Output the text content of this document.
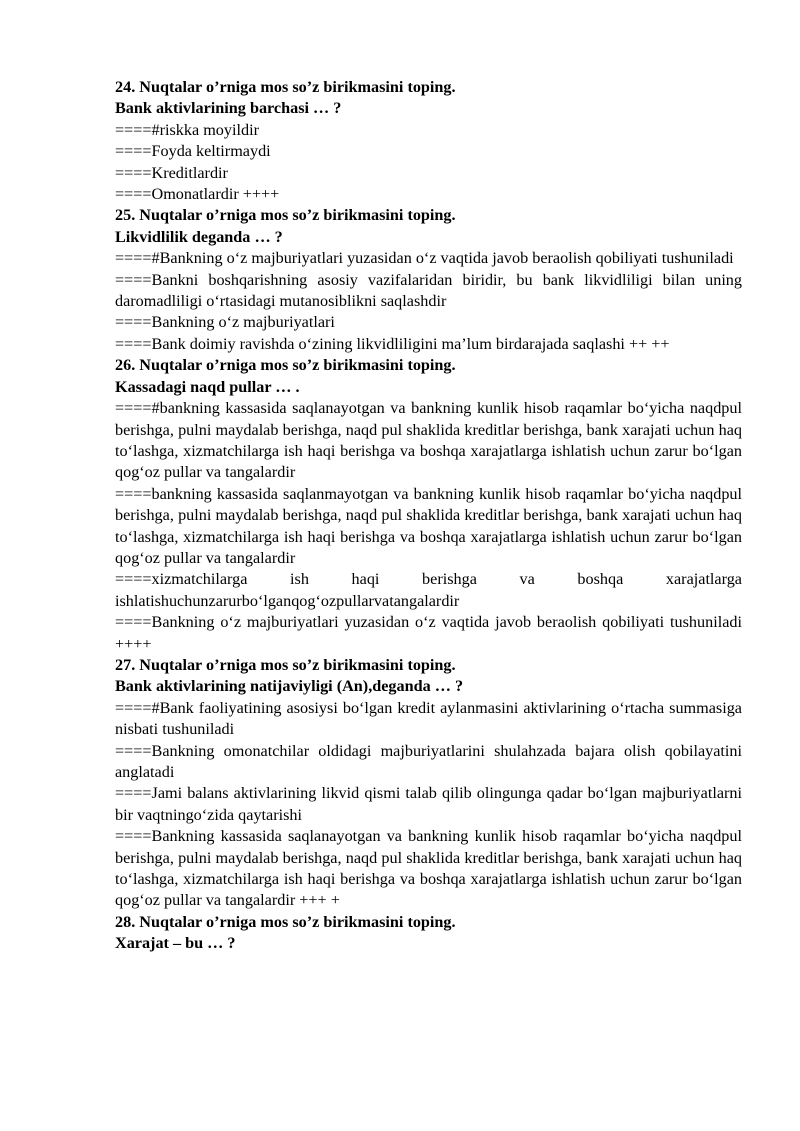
24. Nuqtalar o’rniga mos so’z birikmasini toping.

Bank aktivlarining barchasi … ?

====#riskka moyildir

====Foyda keltirmaydi

====Kreditlardir

====Omonatlardir ++++

25. Nuqtalar o’rniga mos so’z birikmasini toping.

Likvidlilik deganda … ?

====#Bankning o‘z majburiyatlari yuzasidan o‘z vaqtida javob beraolish qobiliyati tushuniladi

====Bankni boshqarishning asosiy vazifalaridan biridir, bu bank likvidliligi bilan uning daromadliligi o‘rtasidagi mutanosiblikni saqlashdir

====Bankning o‘z majburiyatlari

====Bank doimiy ravishda o‘zining likvidliligini ma’lum birdarajada saqlashi ++ ++

26. Nuqtalar o’rniga mos so’z birikmasini toping.

Kassadagi naqd pullar … .

====#bankning kassasida saqlanayotgan va bankning kunlik hisob raqamlar bo‘yicha naqdpul berishga, pulni maydalab berishga, naqd pul shaklida kreditlar berishga, bank xarajati uchun haq to‘lashga, xizmatchilarga ish haqi berishga va boshqa xarajatlarga ishlatish uchun zarur bo‘lgan qog‘oz pullar va tangalardir

====bankning kassasida saqlanmayotgan va bankning kunlik hisob raqamlar bo‘yicha naqdpul berishga, pulni maydalab berishga, naqd pul shaklida kreditlar berishga, bank xarajati uchun haq to‘lashga, xizmatchilarga ish haqi berishga va boshqa xarajatlarga ishlatish uchun zarur bo‘lgan qog‘oz pullar va tangalardir

====xizmatchilarga ish haqi berishga va boshqa xarajatlarga ishlatishuchunzarurbo‘lganqog‘ozpullarvatangalardir

====Bankning o‘z majburiyatlari yuzasidan o‘z vaqtida javob beraolish qobiliyati tushuniladi ++++

27. Nuqtalar o’rniga mos so’z birikmasini toping.

Bank aktivlarining natijaviyligi (An),deganda … ?

====#Bank faoliyatining asosiysi bo‘lgan kredit aylanmasini aktivlarining o‘rtacha summasiga nisbati tushuniladi

====Bankning omonatchilar oldidagi majburiyatlarini shulahzada bajara olish qobilayatini anglatadi

====Jami balans aktivlarining likvid qismi talab qilib olingunga qadar bo‘lgan majburiyatlarni bir vaqtningo‘zida qaytarishi

====Bankning kassasida saqlanayotgan va bankning kunlik hisob raqamlar bo‘yicha naqdpul berishga, pulni maydalab berishga, naqd pul shaklida kreditlar berishga, bank xarajati uchun haq to‘lashga, xizmatchilarga ish haqi berishga va boshqa xarajatlarga ishlatish uchun zarur bo‘lgan qog‘oz pullar va tangalardir +++ +

28. Nuqtalar o’rniga mos so’z birikmasini toping.

Xarajat – bu … ?
